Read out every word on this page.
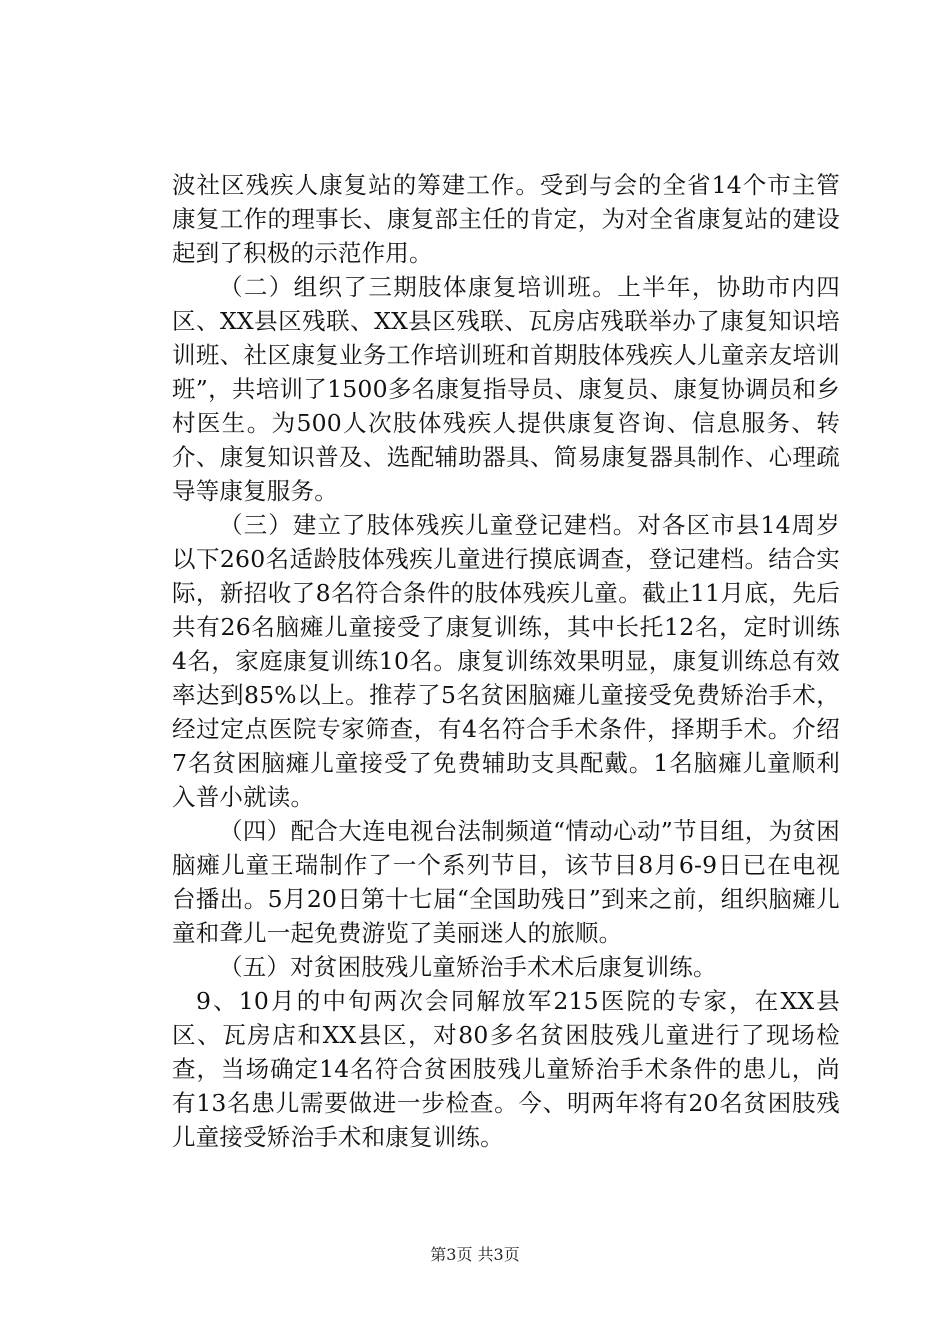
波社区残疾人康复站的筹建工作。受到与会的全省14个市主管康复工作的理事长、康复部主任的肯定，为对全省康复站的建设起到了积极的示范作用。

（二）组织了三期肢体康复培训班。上半年，协助市内四区、XX县区残联、XX县区残联、瓦房店残联举办了康复知识培训班、社区康复业务工作培训班和首期肢体残疾人儿童亲友培训班”，共培训了1500多名康复指导员、康复员、康复协调员和乡村医生。为500人次肢体残疾人提供康复咨询、信息服务、转介、康复知识普及、选配辅助器具、简易康复器具制作、心理疏导等康复服务。

（三）建立了肢体残疾儿童登记建档。对各区市县14周岁以下260名适龄肢体残疾儿童进行摸底调查，登记建档。结合实际，新招收了8名符合条件的肢体残疾儿童。截止11月底，先后共有26名脑瘫儿童接受了康复训练，其中长托12名，定时训练4名，家庭康复训练10名。康复训练效果明显，康复训练总有效率达到85%以上。推荐了5名贫困脑瘫儿童接受免费矫治手术，经过定点医院专家筛查，有4名符合手术条件，择期手术。介绍7名贫困脑瘫儿童接受了免费辅助支具配戴。1名脑瘫儿童顺利入普小就读。

（四）配合大连电视台法制频道“情动心动”节目组，为贫困脑瘫儿童王瑞制作了一个系列节目，该节目8月6-9日已在电视台播出。5月20日第十七届“全国助残日”到来之前，组织脑瘫儿童和聋儿一起免费游览了美丽迷人的旅顺。

（五）对贫困肢残儿童矫治手术术后康复训练。

9、10月的中旬两次会同解放军215医院的专家，在XX县区、瓦房店和XX县区，对80多名贫困肢残儿童进行了现场检查，当场确定14名符合贫困肢残儿童矫治手术条件的患儿，尚有13名患儿需要做进一步检查。今、明两年将有20名贫困肢残儿童接受矫治手术和康复训练。

第3页 共3页
